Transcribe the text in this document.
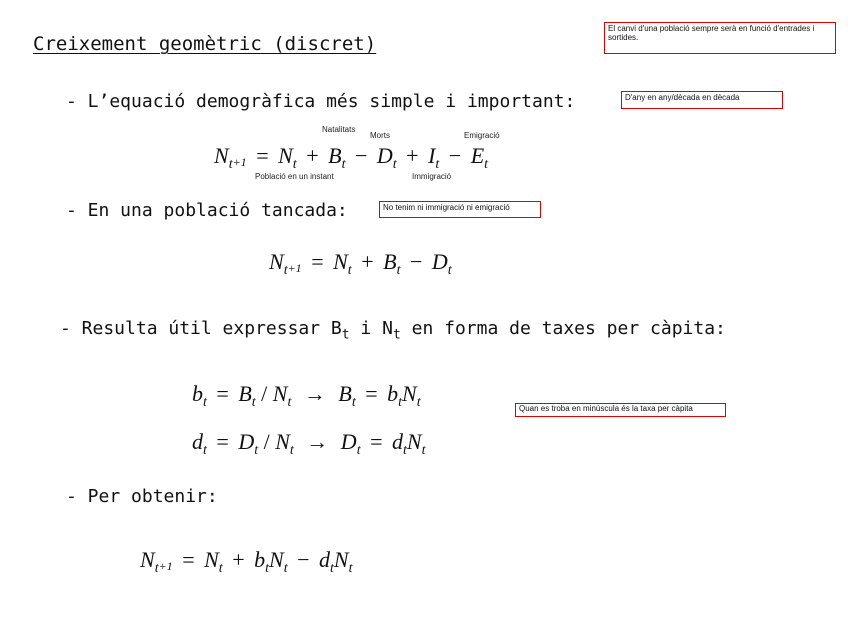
Creixement geomètric (discret)
El canvi d'una població sempre serà en funció d'entrades i sortides.
D'any en any/dècada en dècada
No tenim ni immigració ni emigració
Quan es troba en minúscula és la taxa per càpita
- L’equació demogràfica més simple i important:
Natalitats
Morts	Emigració
Població en un instant	Immigració
$N_t+1 = N_t + B_t - D_t + I_t - E_t$
- En una població tancada:
$N_t+1 = N_t + B_t - D_t$
- Resulta útil expressar $B_t$ i $N_t$ en forma de taxes per càpita:
$b_t = B_t / N_t \to B_t = b_tN_t$
$d_t = D_t / N_t \to D_t = d_tN_t$
- Per obtenir:
$N_t+1 = N_t + b_tN_t - d_tN_t$
